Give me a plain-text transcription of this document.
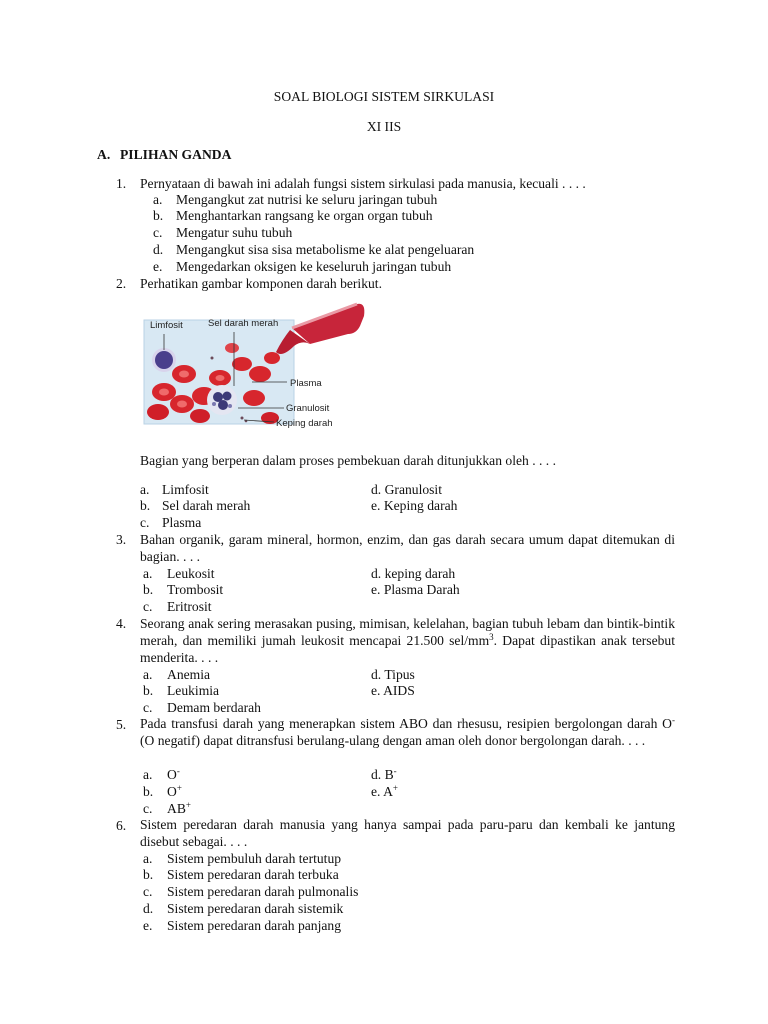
SOAL BIOLOGI SISTEM SIRKULASI
XI IIS
A. PILIHAN GANDA
1. Pernyataan di bawah ini adalah fungsi sistem sirkulasi pada manusia, kecuali . . . .
a. Mengangkut zat nutrisi ke seluru jaringan tubuh
b. Menghantarkan rangsang ke organ organ tubuh
c. Mengatur suhu tubuh
d. Mengangkut sisa sisa metabolisme ke alat pengeluaran
e. Mengedarkan oksigen ke keseluruh jaringan tubuh
2. Perhatikan gambar komponen darah berikut.
Limfosit	Sel darah merah
Plasma
Granulosit
Keping darah
Bagian yang berperan dalam proses pembekuan darah ditunjukkan oleh . . . .
a. Limfosit	d. Granulosit
b. Sel darah merah	e. Keping darah
c. Plasma
3. Bahan organik, garam mineral, hormon, enzim, dan gas darah secara umum dapat ditemukan di bagian. . . .
a. Leukosit	d. keping darah
b. Trombosit	e. Plasma Darah
c. Eritrosit
4. Seorang anak sering merasakan pusing, mimisan, kelelahan, bagian tubuh lebam dan bintik-bintik merah, dan memiliki jumah leukosit mencapai 21.500 sel/$mm^3$. Dapat dipastikan anak tersebut menderita. . . .
a. Anemia	d. Tipus
b. Leukimia	e. AIDS
c. Demam berdarah
5. Pada transfusi darah yang menerapkan sistem ABO dan rhesusu, resipien bergolongan darah O- (O negatif) dapat ditransfusi berulang-ulang dengan aman oleh donor bergolongan darah. . . .
a. O-	d. B-
b. O+	e. A+
c. AB+
6. Sistem peredaran darah manusia yang hanya sampai pada paru-paru dan kembali ke jantung disebut sebagai. . . .
a. Sistem pembuluh darah tertutup
b. Sistem peredaran darah terbuka
c. Sistem peredaran darah pulmonalis
d. Sistem peredaran darah sistemik
e. Sistem peredaran darah panjang
